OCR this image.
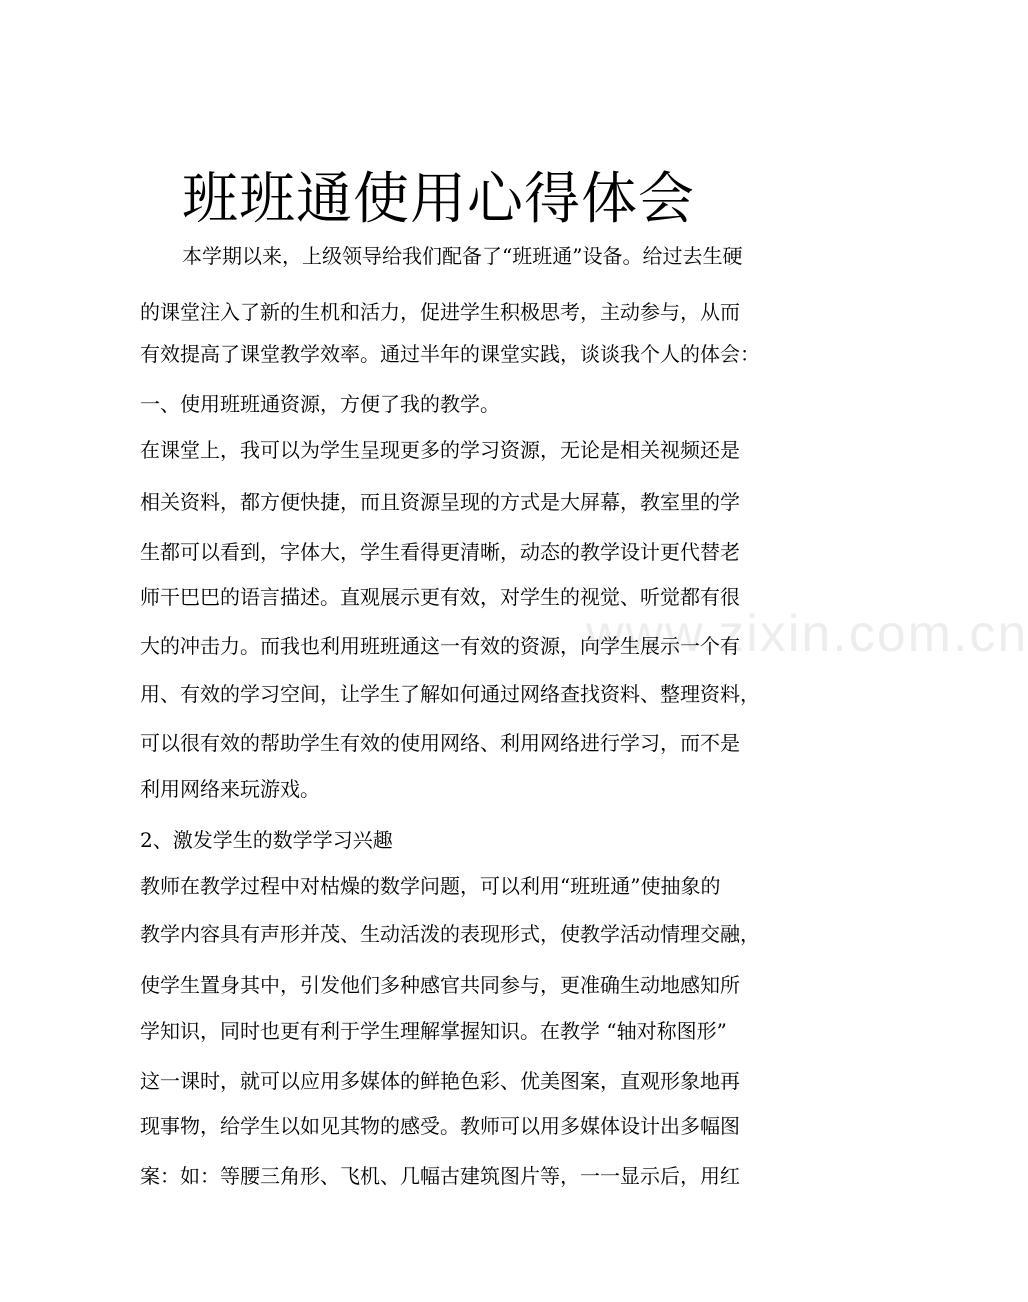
班班通使用心得体会

本学期以来，上级领导给我们配备了“班班通”设备。给过去生硬

的课堂注入了新的生机和活力，促进学生积极思考，主动参与，从而

有效提高了课堂教学效率。通过半年的课堂实践，谈谈我个人的体会：

一、使用班班通资源，方便了我的教学。

在课堂上，我可以为学生呈现更多的学习资源，无论是相关视频还是

相关资料，都方便快捷，而且资源呈现的方式是大屏幕，教室里的学

生都可以看到，字体大，学生看得更清晰，动态的教学设计更代替老

师干巴巴的语言描述。直观展示更有效，对学生的视觉、听觉都有很

大的冲击力。而我也利用班班通这一有效的资源，向学生展示一个有

用、有效的学习空间，让学生了解如何通过网络查找资料、整理资料，

可以很有效的帮助学生有效的使用网络、利用网络进行学习，而不是

利用网络来玩游戏。

2、激发学生的数学学习兴趣

教师在教学过程中对枯燥的数学问题，可以利用“班班通”使抽象的

教学内容具有声形并茂、生动活泼的表现形式，使教学活动情理交融，

使学生置身其中，引发他们多种感官共同参与，更准确生动地感知所

学知识，同时也更有利于学生理解掌握知识。在教学 “轴对称图形”

这一课时，就可以应用多媒体的鲜艳色彩、优美图案，直观形象地再

现事物，给学生以如见其物的感受。教师可以用多媒体设计出多幅图

案：如：等腰三角形、飞机、几幅古建筑图片等，一一显示后，用红

www.zixin.com.cn
